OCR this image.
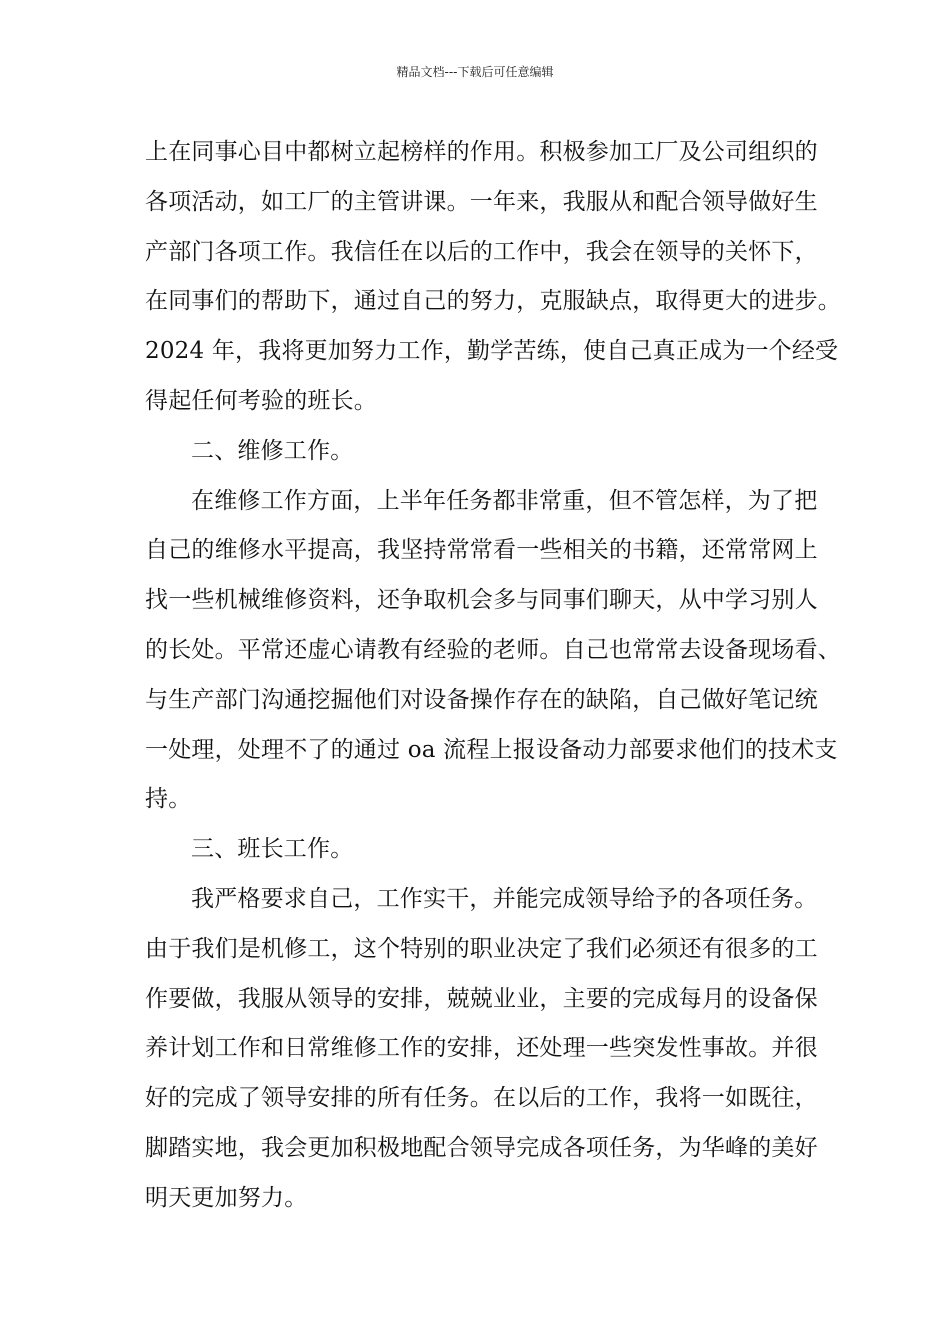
精品文档---下载后可任意编辑
上在同事心目中都树立起榜样的作用。积极参加工厂及公司组织的
各项活动，如工厂的主管讲课。一年来，我服从和配合领导做好生
产部门各项工作。我信任在以后的工作中，我会在领导的关怀下，
在同事们的帮助下，通过自己的努力，克服缺点，取得更大的进步。
2024 年，我将更加努力工作，勤学苦练，使自己真正成为一个经受
得起任何考验的班长。
二、维修工作。
在维修工作方面，上半年任务都非常重，但不管怎样，为了把
自己的维修水平提高，我坚持常常看一些相关的书籍，还常常网上
找一些机械维修资料，还争取机会多与同事们聊天，从中学习别人
的长处。平常还虚心请教有经验的老师。自己也常常去设备现场看、
与生产部门沟通挖掘他们对设备操作存在的缺陷，自己做好笔记统
一处理，处理不了的通过 oa 流程上报设备动力部要求他们的技术支
持。
三、班长工作。
我严格要求自己，工作实干，并能完成领导给予的各项任务。
由于我们是机修工，这个特别的职业决定了我们必须还有很多的工
作要做，我服从领导的安排，兢兢业业，主要的完成每月的设备保
养计划工作和日常维修工作的安排，还处理一些突发性事故。并很
好的完成了领导安排的所有任务。在以后的工作，我将一如既往，
脚踏实地，我会更加积极地配合领导完成各项任务，为华峰的美好
明天更加努力。
